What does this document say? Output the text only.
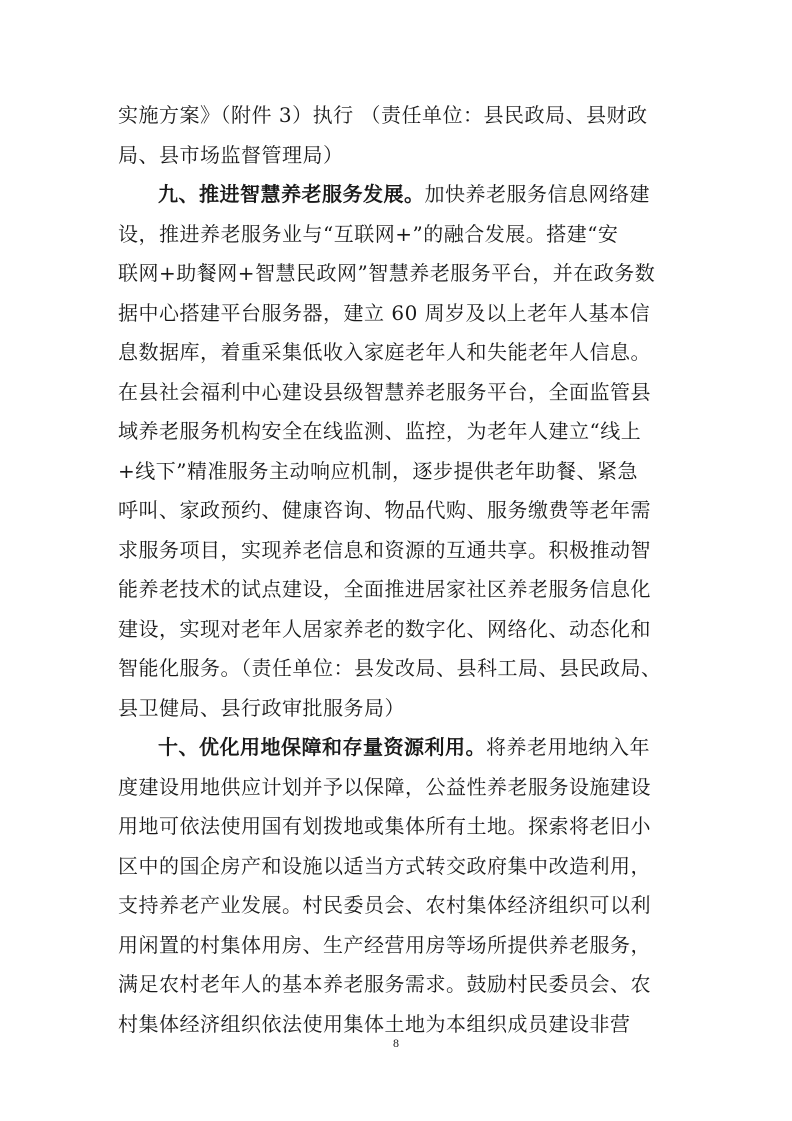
实施方案》（附件 3）执行 （责任单位：县民政局、县财政
局、县市场监督管理局）
九、推进智慧养老服务发展。加快养老服务信息网络建
设，推进养老服务业与“互联网+”的融合发展。搭建“安
联网+助餐网+智慧民政网”智慧养老服务平台，并在政务数
据中心搭建平台服务器，建立 60 周岁及以上老年人基本信
息数据库，着重采集低收入家庭老年人和失能老年人信息。
在县社会福利中心建设县级智慧养老服务平台，全面监管县
域养老服务机构安全在线监测、监控，为老年人建立“线上
+线下”精准服务主动响应机制，逐步提供老年助餐、紧急
呼叫、家政预约、健康咨询、物品代购、服务缴费等老年需
求服务项目，实现养老信息和资源的互通共享。积极推动智
能养老技术的试点建设，全面推进居家社区养老服务信息化
建设，实现对老年人居家养老的数字化、网络化、动态化和
智能化服务。（责任单位：县发改局、县科工局、县民政局、
县卫健局、县行政审批服务局）
十、优化用地保障和存量资源利用。将养老用地纳入年
度建设用地供应计划并予以保障，公益性养老服务设施建设
用地可依法使用国有划拨地或集体所有土地。探索将老旧小
区中的国企房产和设施以适当方式转交政府集中改造利用，
支持养老产业发展。村民委员会、农村集体经济组织可以利
用闲置的村集体用房、生产经营用房等场所提供养老服务，
满足农村老年人的基本养老服务需求。鼓励村民委员会、农
村集体经济组织依法使用集体土地为本组织成员建设非营
8
